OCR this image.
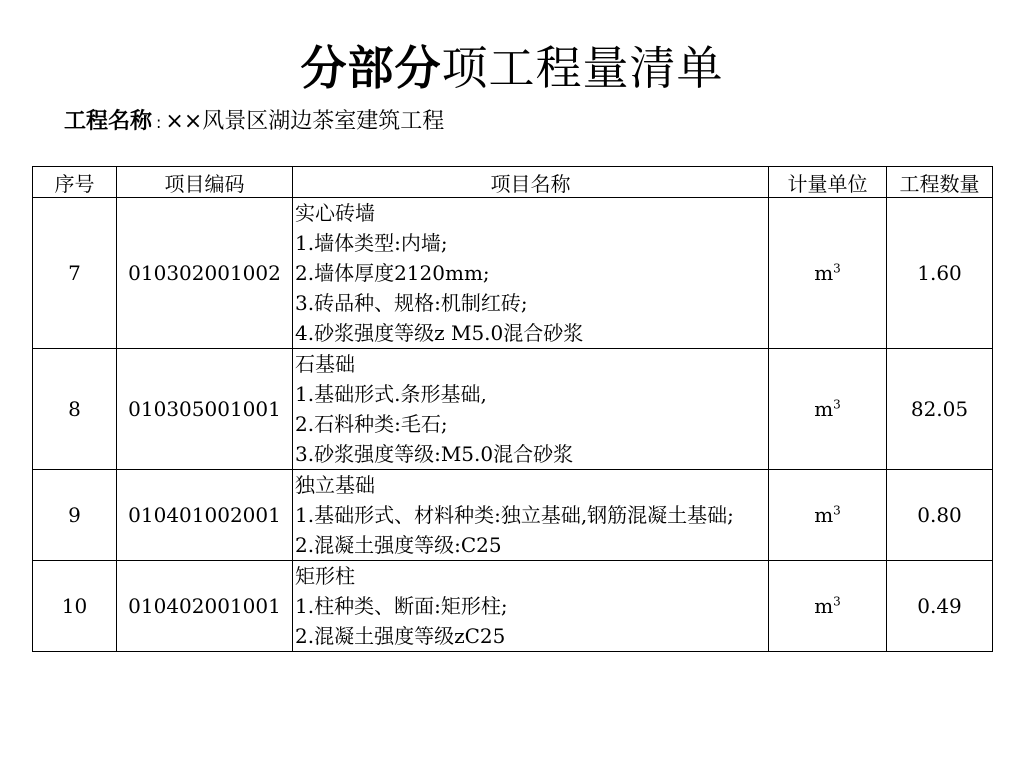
分部分项工程量清单
工程名称 : ××风景区湖边茶室建筑工程
序号	项目编码	项目名称	计量单位	工程数量
7	010302001002	实心砖墙
1.墙体类型:内墙;
2.墙体厚度2120mm;
3.砖品种、规格:机制红砖;
4.砂浆强度等级z M5.0混合砂浆	$m^3$	1.60
8	010305001001	石基础
1.基础形式.条形基础,
2.石料种类:毛石;
3.砂浆强度等级:M5.0混合砂浆	$m^3$	82.05
9	010401002001	独立基础
1.基础形式、材料种类:独立基础,钢筋混凝土基础;
2.混凝土强度等级:C25	$m^3$	0.80
10	010402001001	矩形柱
1.柱种类、断面:矩形柱;
2.混凝土强度等级zC25	$m^3$	0.49
